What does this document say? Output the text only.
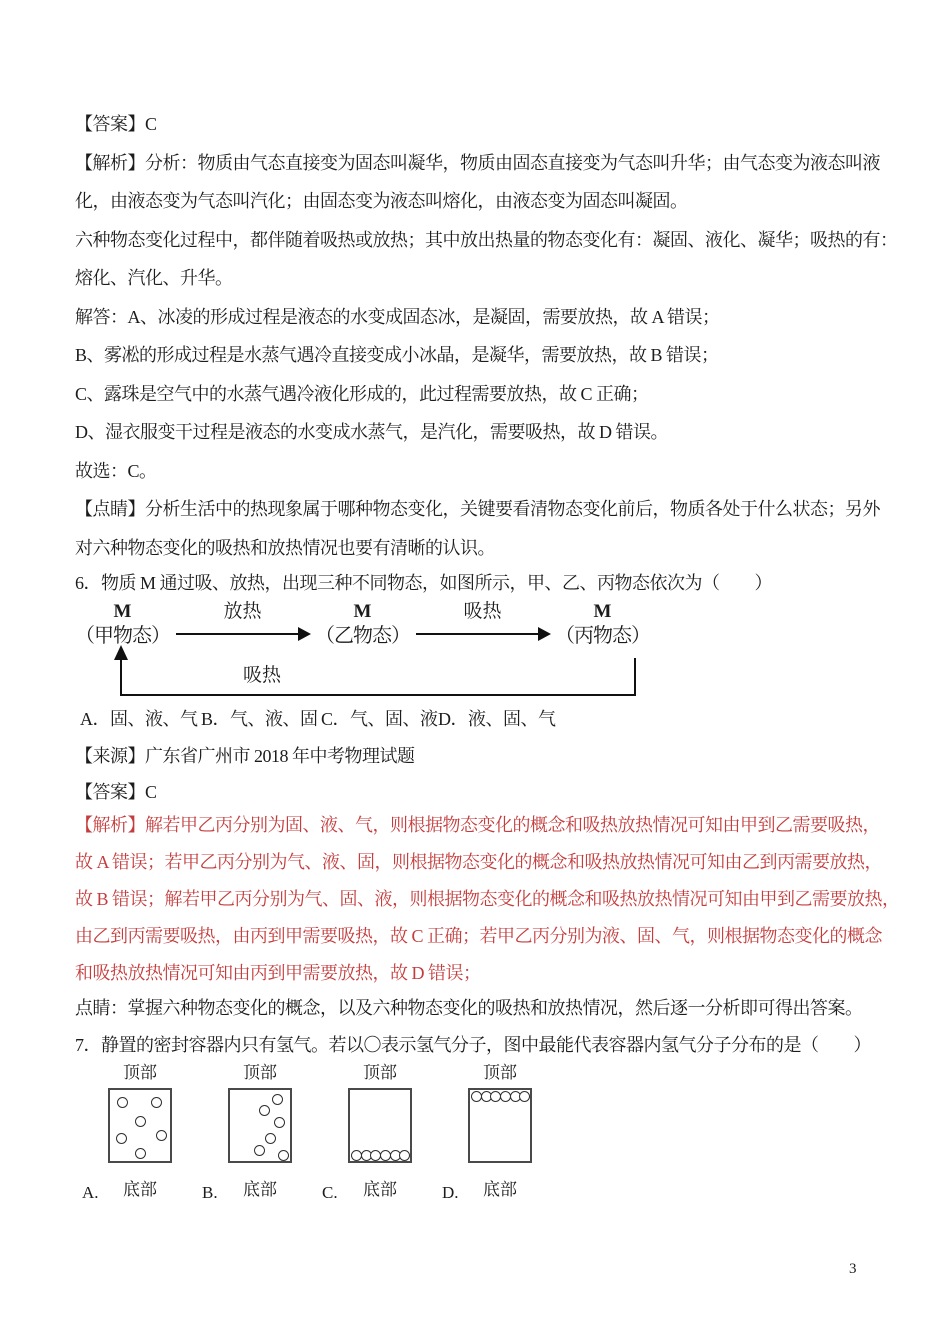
【答案】C
【解析】分析：物质由气态直接变为固态叫凝华，物质由固态直接变为气态叫升华；由气态变为液态叫液
化，由液态变为气态叫汽化；由固态变为液态叫熔化，由液态变为固态叫凝固。
六种物态变化过程中，都伴随着吸热或放热；其中放出热量的物态变化有：凝固、液化、凝华；吸热的有：
熔化、汽化、升华。
解答：A、冰凌的形成过程是液态的水变成固态冰，是凝固，需要放热，故 A 错误；
B、雾凇的形成过程是水蒸气遇冷直接变成小冰晶，是凝华，需要放热，故 B 错误；
C、露珠是空气中的水蒸气遇冷液化形成的，此过程需要放热，故 C 正确；
D、湿衣服变干过程是液态的水变成水蒸气，是汽化，需要吸热，故 D 错误。
故选：C。
【点睛】分析生活中的热现象属于哪种物态变化，关键要看清物态变化前后，物质各处于什么状态；另外
对六种物态变化的吸热和放热情况也要有清晰的认识。
6．物质 M 通过吸、放热，出现三种不同物态，如图所示，甲、乙、丙物态依次为（　　）
M
（甲物态）
放热	M
（乙物态）
吸热	M
（丙物态）
吸热
A．固、液、气 B．气、液、固 C．气、固、液 D．液、固、气
【来源】广东省广州市 2018 年中考物理试题
【答案】C
【解析】解若甲乙丙分别为固、液、气，则根据物态变化的概念和吸热放热情况可知由甲到乙需要吸热，
故 A 错误；若甲乙丙分别为气、液、固，则根据物态变化的概念和吸热放热情况可知由乙到丙需要放热，
故 B 错误；解若甲乙丙分别为气、固、液，则根据物态变化的概念和吸热放热情况可知由甲到乙需要放热，
由乙到丙需要吸热，由丙到甲需要吸热，故 C 正确；若甲乙丙分别为液、固、气，则根据物态变化的概念
和吸热放热情况可知由丙到甲需要放热，故 D 错误；
点睛：掌握六种物态变化的概念，以及六种物态变化的吸热和放热情况，然后逐一分析即可得出答案。
7．静置的密封容器内只有氢气。若以〇表示氢气分子，图中最能代表容器内氢气分子分布的是（　　）
顶部
A.	底部
顶部
B.	底部
顶部
C.	底部
顶部
D.	底部
3
